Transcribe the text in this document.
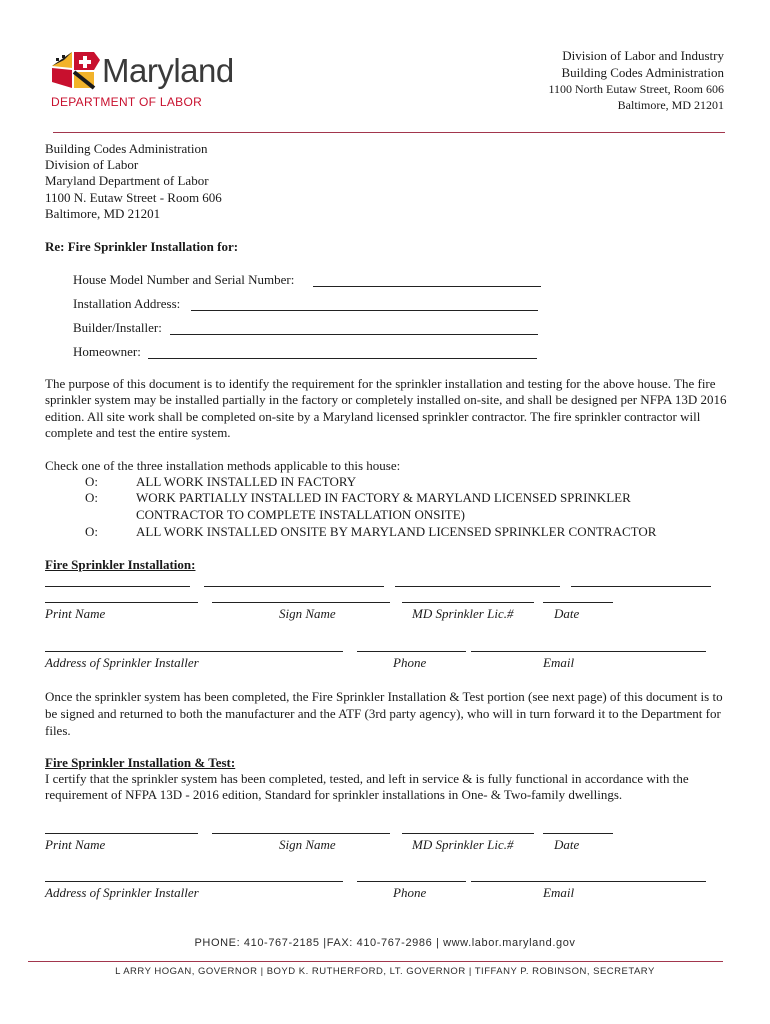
Maryland
DEPARTMENT OF LABOR
Division of Labor and Industry
Building Codes Administration
1100 North Eutaw Street, Room 606
Baltimore, MD 21201
Building Codes Administration
Division of Labor
Maryland Department of Labor
1100 N. Eutaw Street - Room 606
Baltimore, MD 21201
Re: Fire Sprinkler Installation for:
House Model Number and Serial Number:
Installation Address:
Builder/Installer:
Homeowner:
The purpose of this document is to identify the requirement for the sprinkler installation and testing for the above house. The fire sprinkler system may be installed partially in the factory or completely installed on-site, and shall be designed per NFPA 13D 2016 edition. All site work shall be completed on-site by a Maryland licensed sprinkler contractor. The fire sprinkler contractor will complete and test the entire system.
Check one of the three installation methods applicable to this house:
O:	ALL WORK INSTALLED IN FACTORY
O:	WORK PARTIALLY INSTALLED IN FACTORY & MARYLAND LICENSED SPRINKLER
CONTRACTOR TO COMPLETE INSTALLATION ONSITE)
O:	ALL WORK INSTALLED ONSITE BY MARYLAND LICENSED SPRINKLER CONTRACTOR
Fire Sprinkler Installation:
Print Name	Sign Name	MD Sprinkler Lic.#	Date
Address of Sprinkler Installer	Phone	Email
Once the sprinkler system has been completed, the Fire Sprinkler Installation & Test portion (see next page) of this document is to be signed and returned to both the manufacturer and the ATF (3rd party agency), who will in turn forward it to the Department for files.
Fire Sprinkler Installation & Test:
I certify that the sprinkler system has been completed, tested, and left in service & is fully functional in accordance with the requirement of NFPA 13D - 2016 edition, Standard for sprinkler installations in One- & Two-family dwellings.
Print Name	Sign Name	MD Sprinkler Lic.#	Date
Address of Sprinkler Installer	Phone	Email
PHONE: 410-767-2185 |FAX: 410-767-2986 | www.labor.maryland.gov
L ARRY HOGAN, GOVERNOR | BOYD K. RUTHERFORD, LT. GOVERNOR | TIFFANY P. ROBINSON, SECRETARY
